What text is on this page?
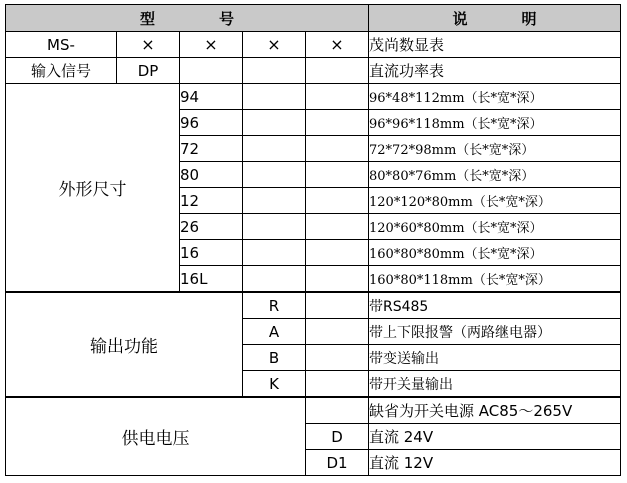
型 号					说 明
MS-	×	×	×	×	茂尚数显表
输入信号	DP				直流功率表
外形尺寸		94			96*48*112mm（长*宽*深）
		96			96*96*118mm（长*宽*深）
		72			72*72*98mm（长*宽*深）
		80			80*80*76mm（长*宽*深）
		12			120*120*80mm（长*宽*深）
		26			120*60*80mm（长*宽*深）
		16			160*80*80mm（长*宽*深）
		16L			160*80*118mm（长*宽*深）
输出功能			R		带RS485
			A		带上下限报警（两路继电器）
			B		带变送输出
			K		带开关量输出
供电电压					缺省为开关电源 AC85～265V
				D	直流 24V
				D1	直流 12V
